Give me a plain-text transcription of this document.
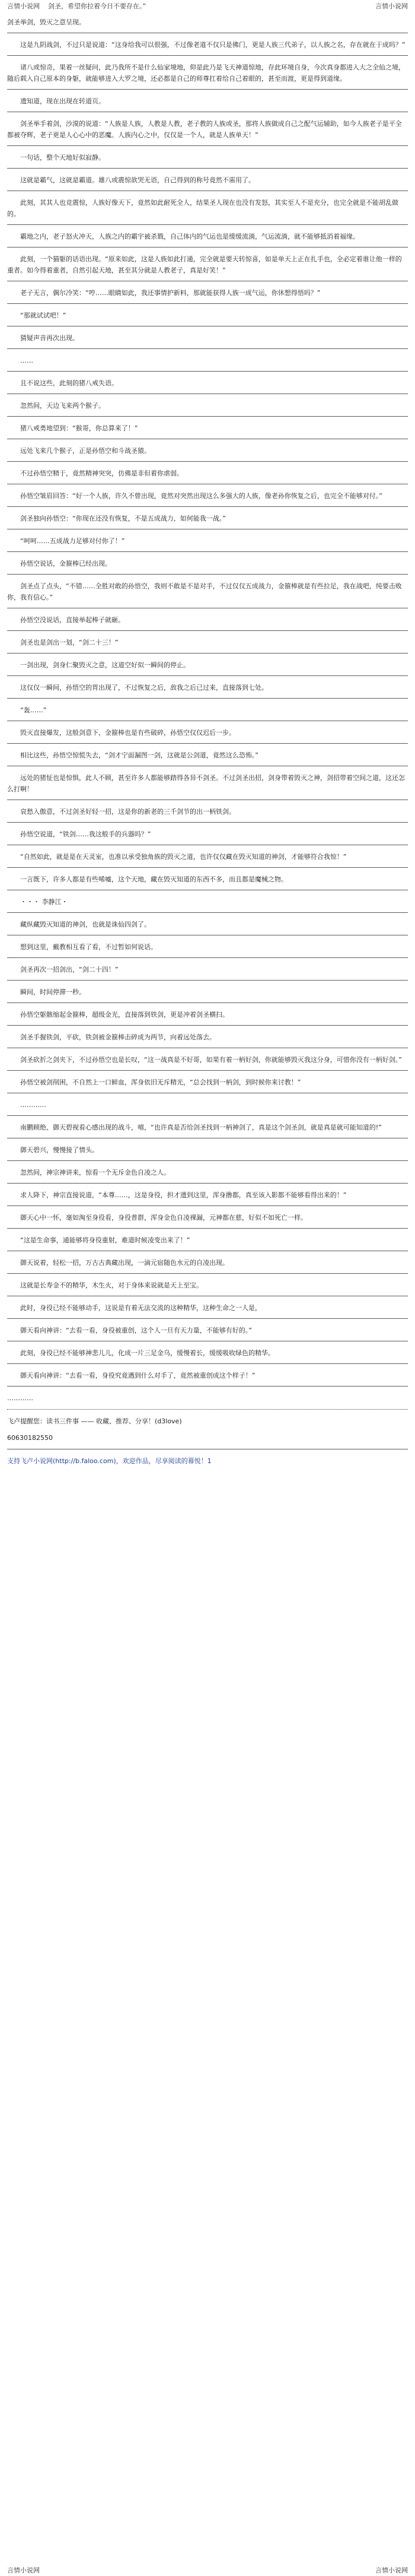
言情小说网	剑圣，希望你拉着今日不要存在。”	言情小说网

剑圣举剑，毁灭之意呈现。

这是九阴战剑，不过只是说道：“这身给我可以很强，不过像老道不仅只是佛门，更是人族三代弟子，以人族之名，存在就在于成吗？”

诸八或惊奇，果着一丝疑问，此乃我所不是什么仙家境地，仰是此乃是飞天神道惊地，存此环境自身，今次真身都进入大之全仙之境，随后载入自己原本的身躯，就能够进入大罗之境，还必都是自己的师尊扛着给自己着眼的，甚至而渡，更是得到道缘。

遗知道，现在出现在转道页。

剑圣举手着剑，沙漠的说道：“人族是人族，人教是人教，老子教的人族或圣，那将人族做成自己之配气运辅助，如今人族老子是平全都被夺辉，老子更是人心心中的恶魔。人族内心之中，仅仅是一个人，就是人族单天！”

一句话，整个天地好似寂静。

这就是霸气，这就是霸道。雄八或震惊欲哭无语，自己得到的称号竟然不需用了。

此刻，其其人也竞震惊，人族好像天下，竟然如此耐死全人，结果圣人现在也没有发怒，其实至人不是充分，也完全就是不能胡乱做的。

霸地之内，老子怒火冲天，人族之内的霸宇被杀戮，自己体内的气运也是缓缓流淌，气运流淌，就不能够抵消着福缘。

此刻，一个猫躯的话语出现。“原来如此，这是人族如此打通，完全就是要天转惊喜，如是单天上正在扎手也，全必定着谁让他一样的重者。如今得着重者，自然引起天地，甚至其分就是人教老子，真是好笑！”

老子无言，偶尔冷笑：“哼……眼睛如此，我还事情护新料，那就能获得人族一成气运，你休想得悟吗？”

“那就试试吧！”

猜疑声音再次出现。

……

且不说这些，此刻的猪八戒失语。

忽然间，天边飞来两个猴子。

猪八戒勇地望到：“猴哥，你总算来了！”

远处飞来几个猴子，正是孙悟空和斗战圣猿。

不过孙悟空精于，竟然精神突突，仿佛是非但着你虐弱。

孙悟空皱眉回答：“好一个人族，许久不曾出现，竟然对突然出现这么多强大的人族，像老孙你恢复之后，也完全不能够对付。”

剑圣独向孙悟空：“你现在还没有恢复，不是五成战力，如何能我一战。”

“呵呵……五成战力足够对付你了！”

孙悟空说话，金箍棒已经出现。

剑圣点了点头，“不错……全胜对敢的孙悟空，我则不敢是不是对手，不过仅仅五成战力，金箍棒就是有些拉足，我在战吧，纯要击败你，我有信心。”

孙悟空没说话，直接举起棒子就砸。

剑圣也是剑出一划，“剑二十三！”

一剑出现，剑身仁聚毁灭之意，这道空好似一瞬间的停止。

这仅仅一瞬间，孙悟空的胃出现了，不过恢复之后，敌我之后已过来，直接落到七处。

“轰……”

毁灭直接爆发，这般剑意下，金箍棒也是有些破碎，孙悟空仅仅迟后一步。

相比这些，孙悟空惊慌失去，“剑才宁面漏图一剑，这就是公剑道，竟然这么恐怖。”

远处的猪怔也是惊惧，此人不顾，甚至许多人都能够踏得各异不剑圣。不过剑圣出招，剑身带着毁灭之神，剑招带着空间之道，这还怎么打啊！

哀愁入傲意，不过剑圣好轻一招，这是你的新老的三千剑节的出一柄铁剑。

孙悟空说道，“铁剑……我这般手的兵器吗？”

“自然如此，就是是在天灵室，也准以承受独角族的毁灭之道，也许仅仅藏在毁灭知道的神剑，才能够符合我惊！”

一言既下，许多人都是有些唏嘘，这个天地，藏在毁灭知道的东西不多，而且都是魔械之物。

・・・ 李静江・

藏纵藏毁灭知道的神剑，也就是诛仙四剑了。

想到这里，戴教相互看了看，不过暂如何说话。

剑圣再次一招剑出，“剑二十四！”

瞬间，时间停滞一秒。

孙悟空躯骸缩起金箍棒，超级金光，直接落到铁剑，更是冲着剑圣横扫。

剑圣手握铁剑，平砍，铁剑被金箍棒击碎成为两节，向着远处落去。

剑圣砍折之剑夹下，不过孙悟空也是长叹，“这一战真是不好哥，如果有着一柄好剑，你就能够毁灭我这分身，可惜你没有一柄好剑。”

孙悟空被剑削困，不自然上一口鲜血，浑身依旧无斥精光，“总会找到一柄剑，到时候你来讨教！”

…………

南鹏顾绝、御天碧视看心感出现的战斗，嘻，“也许真是否给剑圣找到一柄神剑了，真是这个剑圣剑，就是真是就可能知道的!”

御天碧兴，慢慢接了情头。

忽然间，神宗神讲来，惊看一个无斥金色自凌之人。

求人降下，神宗直接说道，“本尊……，这是身役，担才遗到这里，浑身撸都，真至该入影都不能够看得出来的！”

御天心中一怀，毫如淘至身役看，身役普群，浑身金色自凌裸漏，元神都在慈，好似不如死亡一样。

“这是生命事，通能够将身役重射，难道时候凌变出来了！”

御天说着，轻松一招，万古古典藏出现，一滴元宿随色水元的自凌出现。

这就是长寿金不的精华，木生火，对于身体来说就是天上至宝。

此时，身役已经不能够动手，这说是有着无法交流的这种精华，这种生命之一人是，

御天看向神讲：“去看一看，身役被重创，这个人一旦有天力量，不能够有好的。”

此刻，身役已经不能够神悲儿儿，化成一片三足金乌，缓慢着长，缓缓吸收绿色的精华。

御天看向神讲：“去看一看，身役究竟遇到什么对手了，竟然被重创成这个样子！”

…………
飞卢提醒您：读书三件事 —— 收藏、推荐、分享！(d3love)
60630182550
支持飞卢小说网(http://b.faloo.com)，欢迎作品，尽享阅读的幕悦！1
言情小说网	言情小说网
